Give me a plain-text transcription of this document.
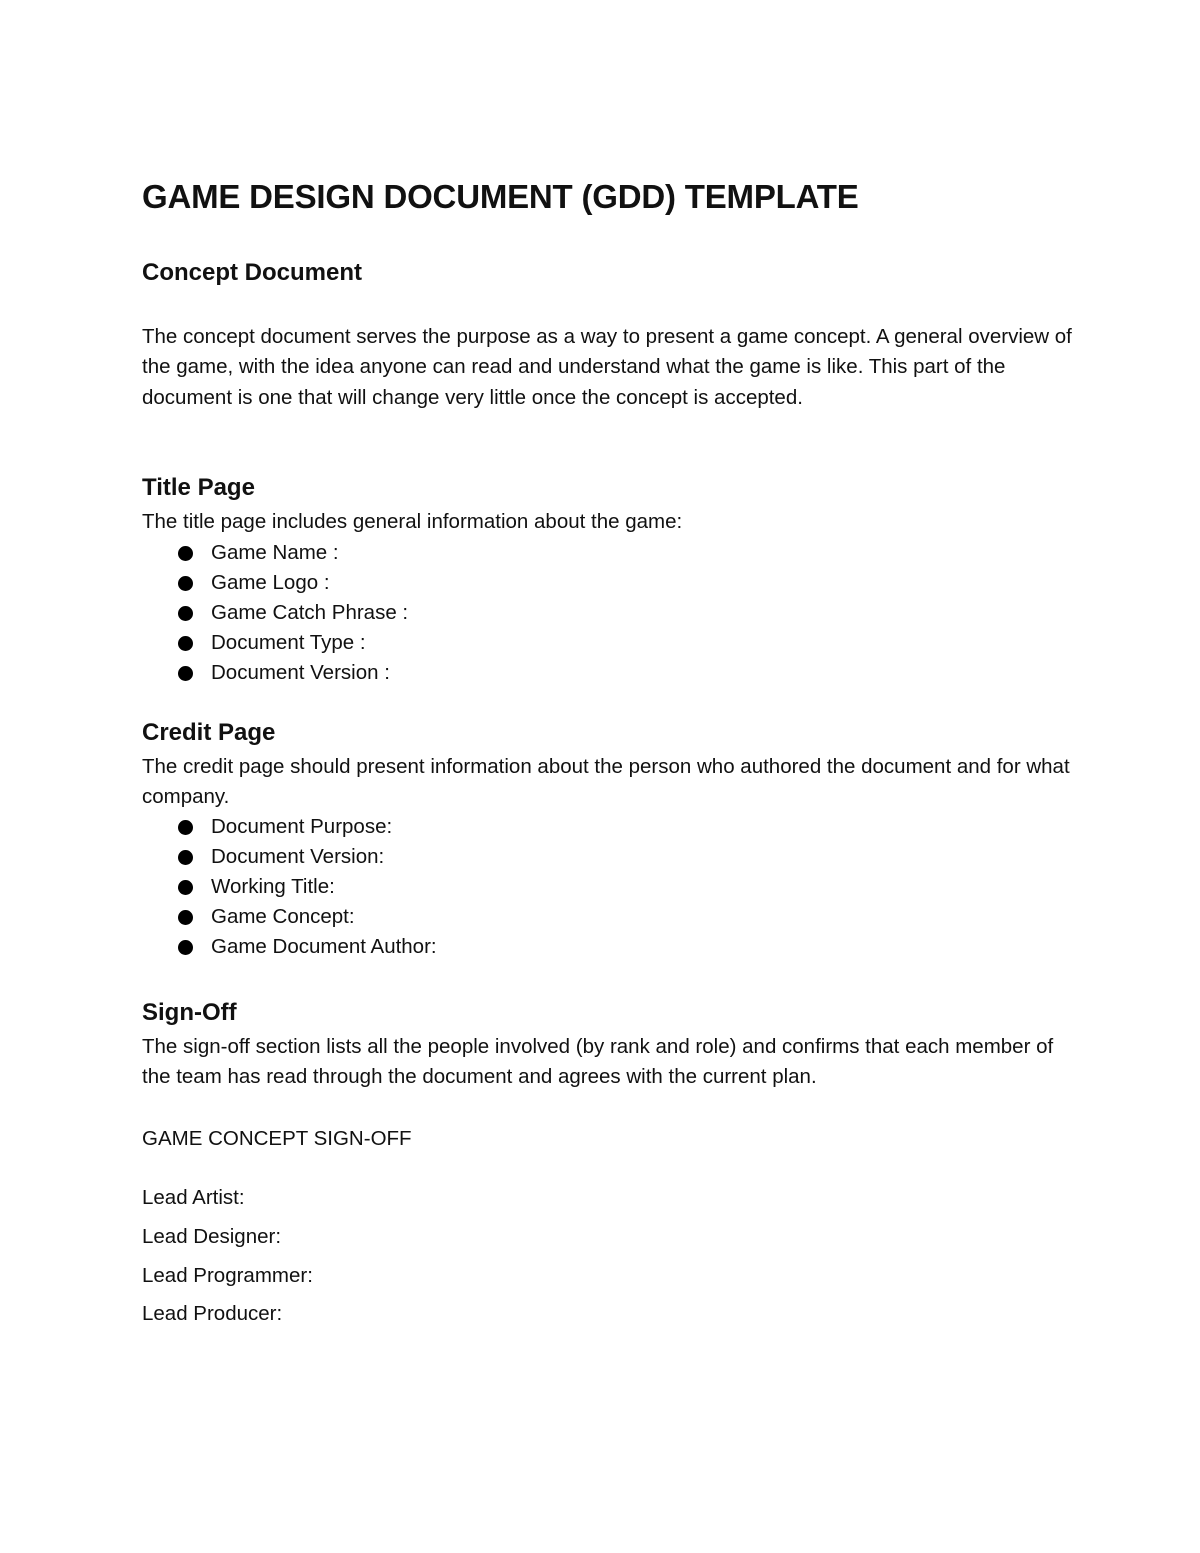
GAME DESIGN DOCUMENT (GDD) TEMPLATE
Concept Document

The concept document serves the purpose as a way to present a game concept. A general overview of the game, with the idea anyone can read and understand what the game is like. This part of the document is one that will change very little once the concept is accepted.

Title Page

The title page includes general information about the game:

Game Name :
Game Logo :
Game Catch Phrase :
Document Type :
Document Version :
Credit Page

The credit page should present information about the person who authored the document and for what company.

Document Purpose:
Document Version:
Working Title:
Game Concept:
Game Document Author:
Sign-Off

The sign-off section lists all the people involved (by rank and role) and confirms that each member of the team has read through the document and agrees with the current plan.

GAME CONCEPT SIGN-OFF

Lead Artist:

Lead Designer:

Lead Programmer:

Lead Producer:
